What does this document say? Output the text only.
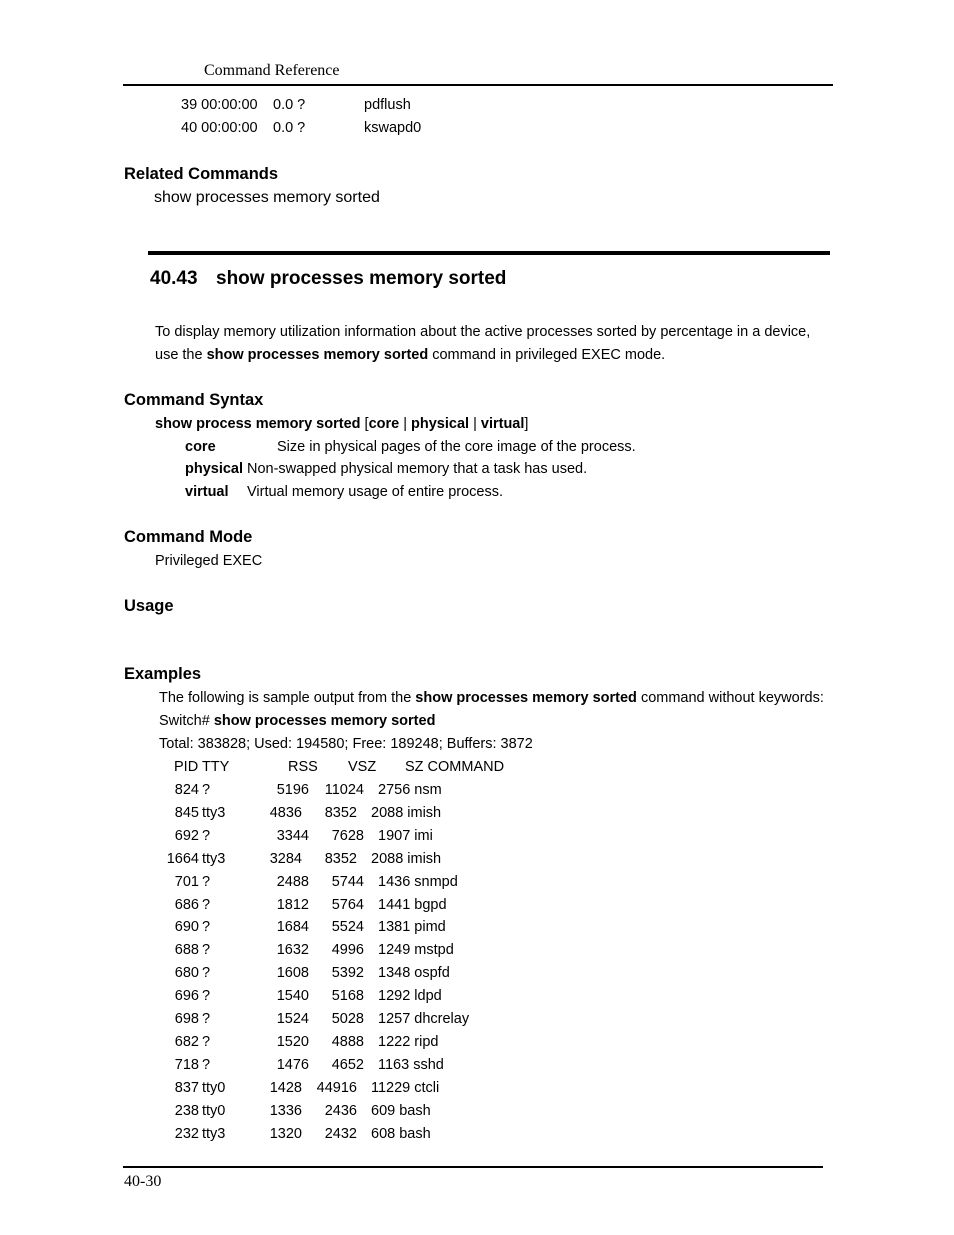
Command Reference
39 00:00:00 0.0 ?	pdflush
40 00:00:00 0.0 ?	kswapd0
Related Commands
show processes memory sorted
40.43 show processes memory sorted
To display memory utilization information about the active processes sorted by percentage in a device,
use the show processes memory sorted command in privileged EXEC mode.
Command Syntax
show process memory sorted [core | physical | virtual]
core	Size in physical pages of the core image of the process.
physical Non-swapped physical memory that a task has used.
virtual Virtual memory usage of entire process.
Command Mode
Privileged EXEC
Usage
Examples
The following is sample output from the show processes memory sorted command without keywords:
Switch# show processes memory sorted
Total: 383828; Used: 194580; Free: 189248; Buffers: 3872
PID TTY	RSS VSZ SZ COMMAND
824 ?	5196 11024 2756 nsm
845 tty3	4836 8352 2088 imish
692 ?	3344 7628 1907 imi
1664 tty3	3284 8352 2088 imish
701 ?	2488 5744 1436 snmpd
686 ?	1812 5764 1441 bgpd
690 ?	1684 5524 1381 pimd
688 ?	1632 4996 1249 mstpd
680 ?	1608 5392 1348 ospfd
696 ?	1540 5168 1292 ldpd
698 ?	1524 5028 1257 dhcrelay
682 ?	1520 4888 1222 ripd
718 ?	1476 4652 1163 sshd
837 tty0	1428 44916 11229 ctcli
238 tty0	1336 2436 609 bash
232 tty3	1320 2432 608 bash
40-30
